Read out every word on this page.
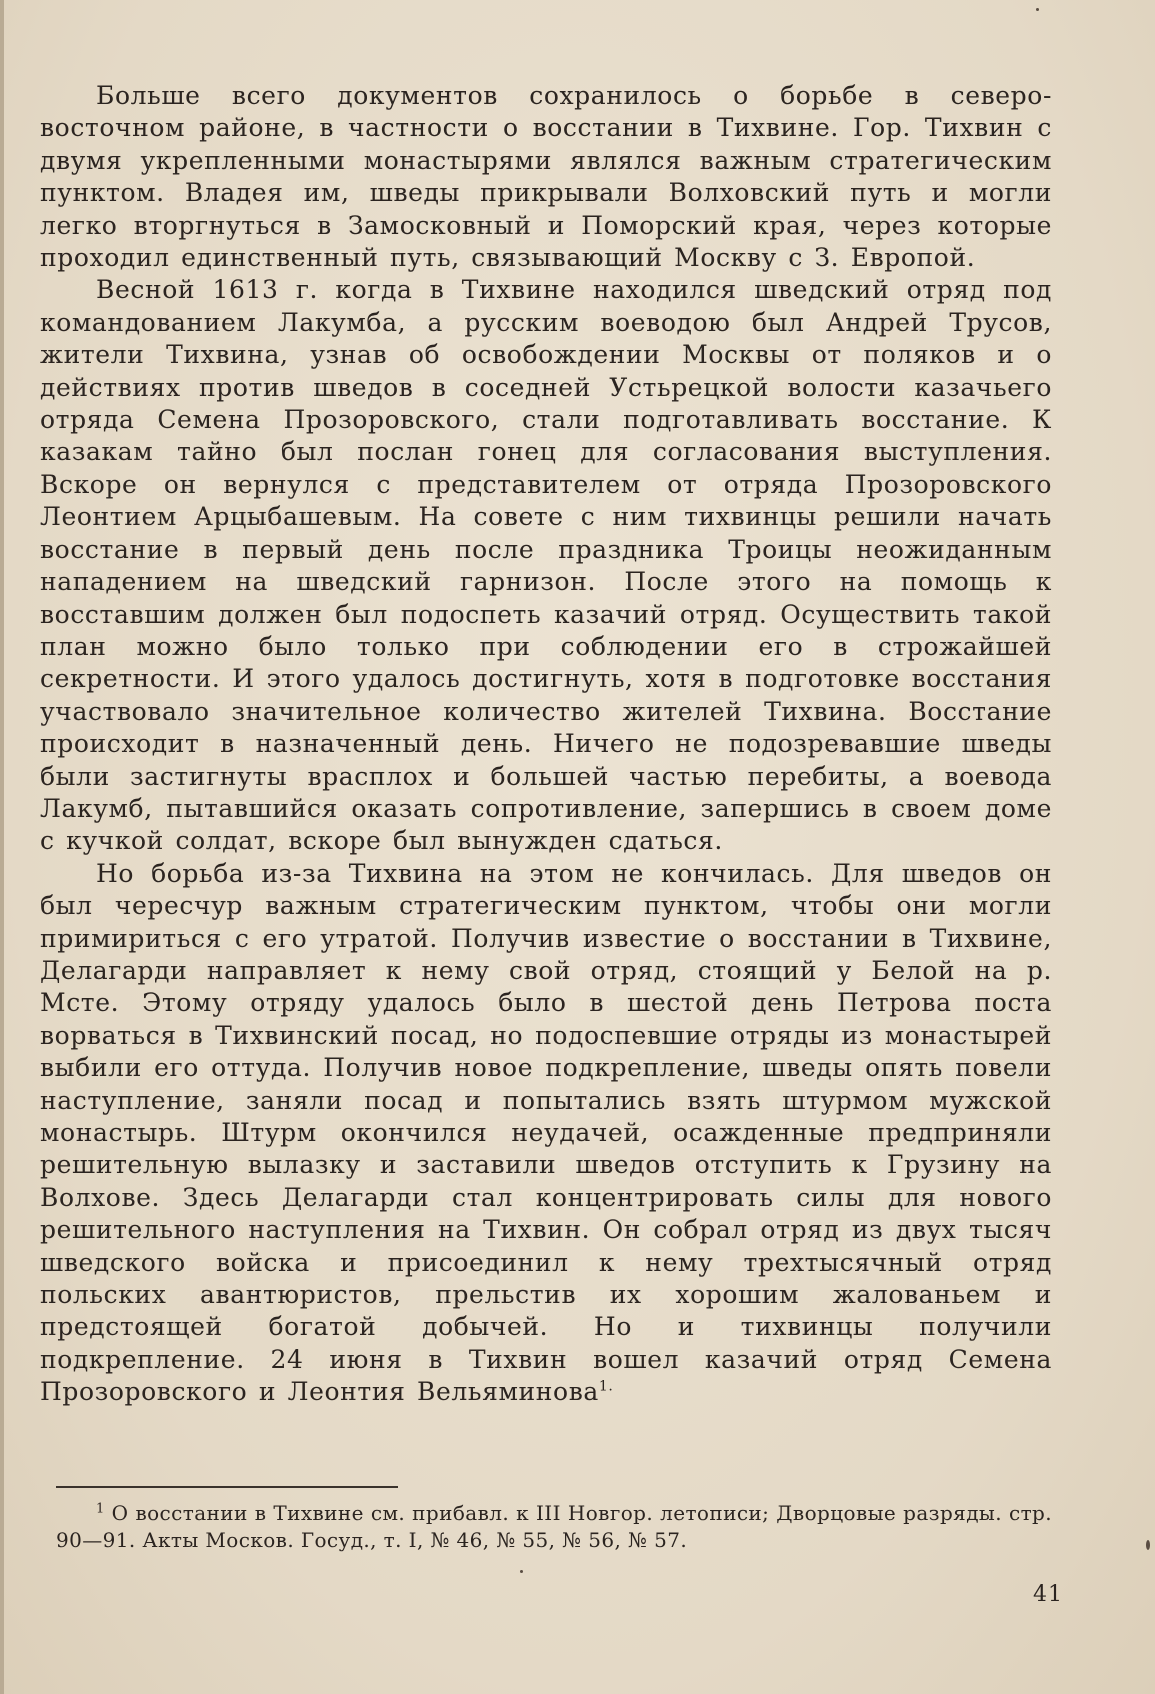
Больше всего документов сохранилось о борьбе в северо-восточном районе, в частности о восстании в Тихвине. Гор. Тихвин с двумя укрепленными монастырями являлся важным стратегическим пунктом. Владея им, шведы прикрывали Волховский путь и могли легко вторгнуться в Замосковный и Поморский края, через которые проходил единственный путь, связывающий Москву с З. Европой.

Весной 1613 г. когда в Тихвине находился шведский отряд под командованием Лакумба, а русским воеводою был Андрей Трусов, жители Тихвина, узнав об освобождении Москвы от поляков и о действиях против шведов в соседней Устьрецкой волости казачьего отряда Семена Прозоровского, стали подготавливать восстание. К казакам тайно был послан гонец для согласования выступления. Вскоре он вернулся с представителем от отряда Прозоровского Леонтием Арцыбашевым. На совете с ним тихвинцы решили начать восстание в первый день после праздника Троицы неожиданным нападением на шведский гарнизон. После этого на помощь к восставшим должен был подоспеть казачий отряд. Осуществить такой план можно было только при соблюдении его в строжайшей секретности. И этого удалось достигнуть, хотя в подготовке восстания участвовало значительное количество жителей Тихвина. Восстание происходит в назначенный день. Ничего не подозревавшие шведы были застигнуты врасплох и большей частью перебиты, а воевода Лакумб, пытавшийся оказать сопротивление, запершись в своем доме с кучкой солдат, вскоре был вынужден сдаться.

Но борьба из-за Тихвина на этом не кончилась. Для шведов он был чересчур важным стратегическим пунктом, чтобы они могли примириться с его утратой. Получив известие о восстании в Тихвине, Делагарди направляет к нему свой отряд, стоящий у Белой на р. Мсте. Этому отряду удалось было в шестой день Петрова поста ворваться в Тихвинский посад, но подоспевшие отряды из монастырей выбили его оттуда. Получив новое подкрепление, шведы опять повели наступление, заняли посад и попытались взять штурмом мужской монастырь. Штурм окончился неудачей, осажденные предприняли решительную вылазку и заставили шведов отступить к Грузину на Волхове. Здесь Делагарди стал концентрировать силы для нового решительного наступления на Тихвин. Он собрал отряд из двух тысяч шведского войска и присоединил к нему трехтысячный отряд польских авантюристов, прельстив их хорошим жалованьем и предстоящей богатой добычей. Но и тихвинцы получили подкрепление. 24 июня в Тихвин вошел казачий отряд Семена Прозоровского и Леонтия Вельяминова$^{1.}$

$^1$ О восстании в Тихвине см. прибавл. к III Новгор. летописи; Дворцовые разряды. стр. 90—91. Акты Москов. Госуд., т. I, № 46, № 55, № 56, № 57.
41
